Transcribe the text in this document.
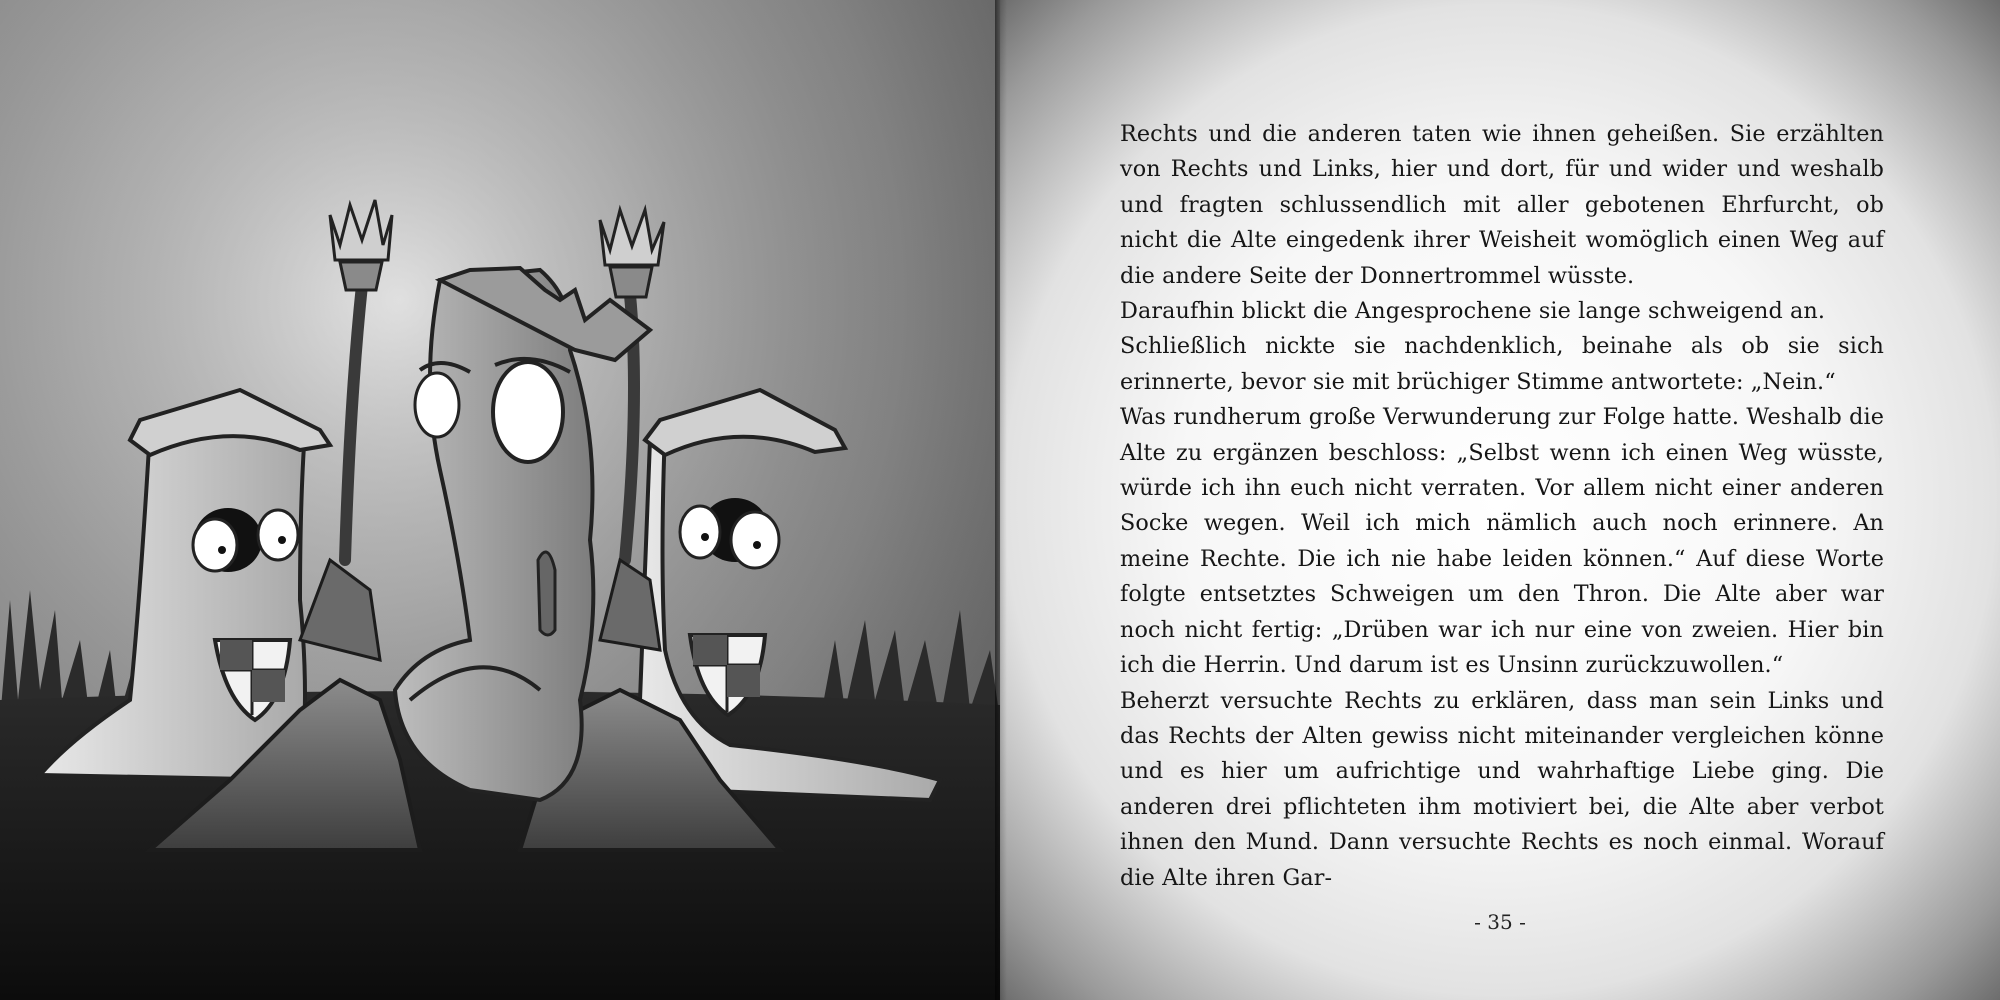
Rechts und die anderen taten wie ihnen geheißen. Sie erzählten von Rechts und Links, hier und dort, für und wider und weshalb und fragten schlussendlich mit aller gebotenen Ehrfurcht, ob nicht die Alte eingedenk ihrer Weisheit womöglich einen Weg auf die andere Seite der Donnertrommel wüsste.

Daraufhin blickt die Angesprochene sie lange schweigend an.

Schließlich nickte sie nachdenklich, beinahe als ob sie sich erinnerte, bevor sie mit brüchiger Stimme antwortete: „Nein.“

Was rundherum große Verwunderung zur Folge hatte. Weshalb die Alte zu ergänzen beschloss: „Selbst wenn ich einen Weg wüsste, würde ich ihn euch nicht verraten. Vor allem nicht einer anderen Socke wegen. Weil ich mich nämlich auch noch erinnere. An meine Rechte. Die ich nie habe leiden können.“ Auf diese Worte folgte entsetztes Schweigen um den Thron. Die Alte aber war noch nicht fertig: „Drüben war ich nur eine von zweien. Hier bin ich die Herrin. Und darum ist es Unsinn zurückzuwollen.“

Beherzt versuchte Rechts zu erklären, dass man sein Links und das Rechts der Alten gewiss nicht miteinander vergleichen könne und es hier um aufrichtige und wahrhaftige Liebe ging. Die anderen drei pflichteten ihm motiviert bei, die Alte aber verbot ihnen den Mund. Dann versuchte Rechts es noch einmal. Worauf die Alte ihren Gar-

- 35 -
